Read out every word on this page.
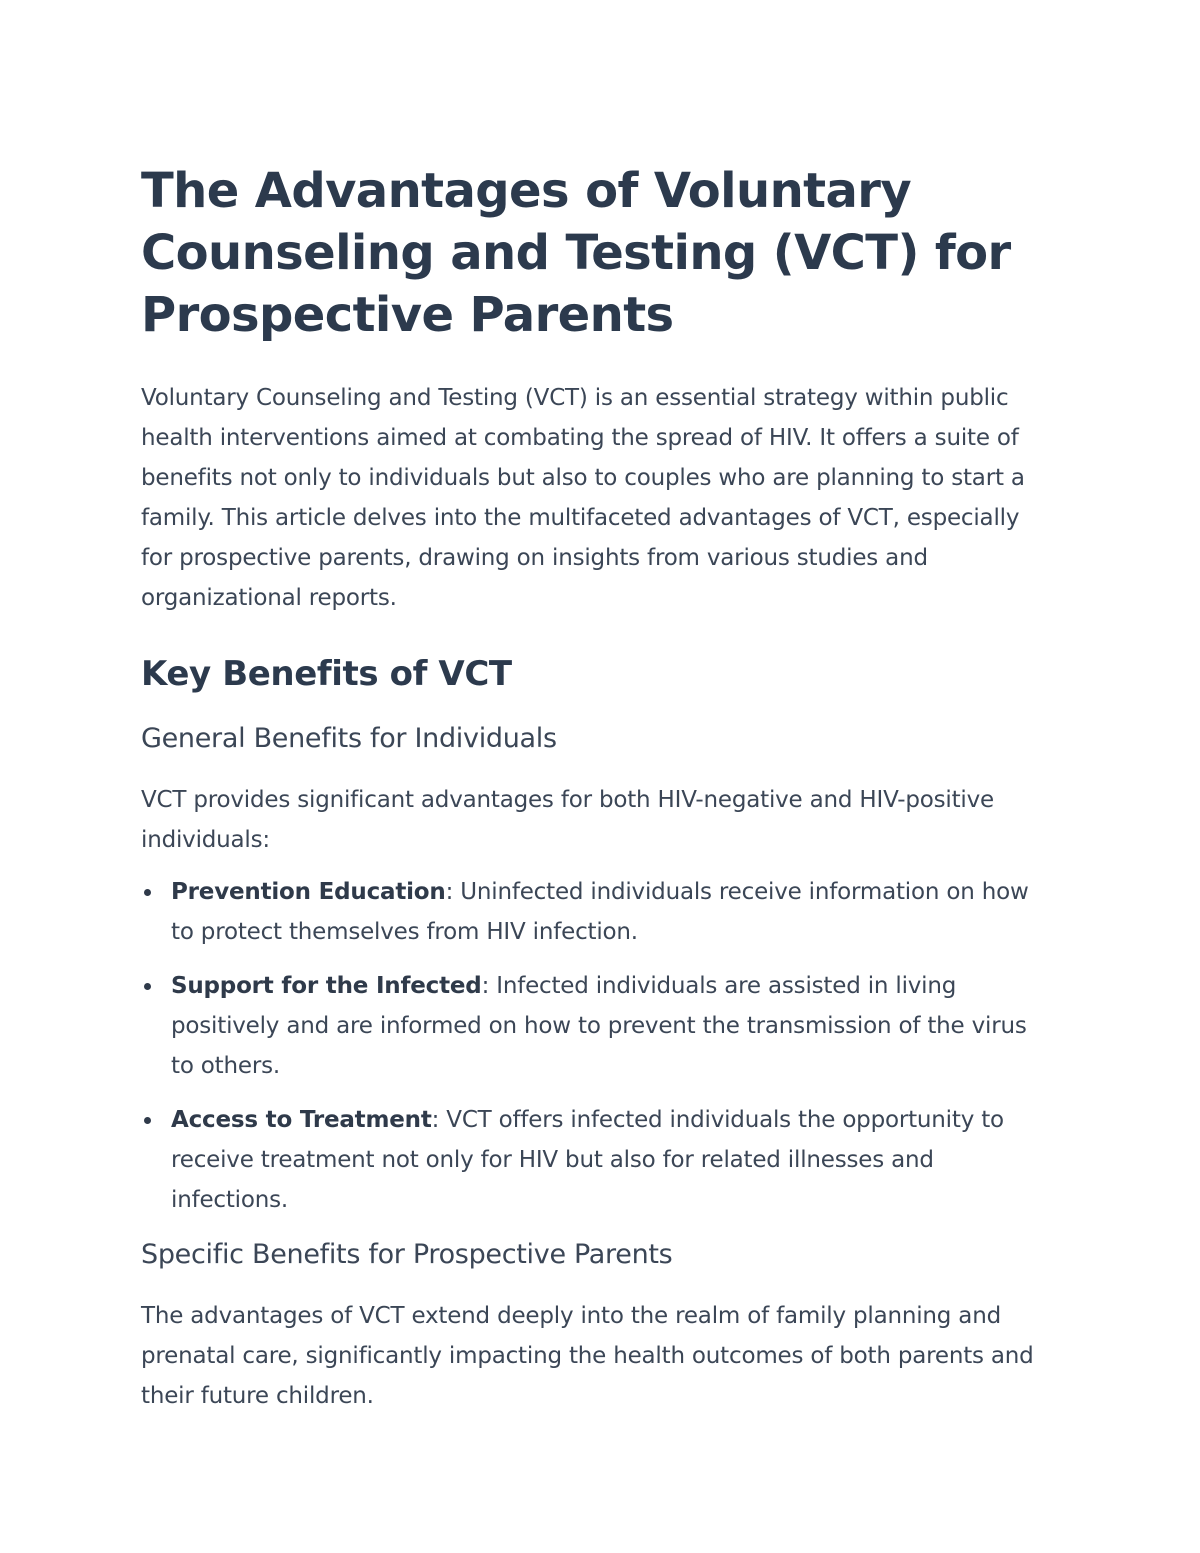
The Advantages of Voluntary Counseling and Testing (VCT) for Prospective Parents

Voluntary Counseling and Testing (VCT) is an essential strategy within public health interventions aimed at combating the spread of HIV. It offers a suite of benefits not only to individuals but also to couples who are planning to start a family. This article delves into the multifaceted advantages of VCT, especially for prospective parents, drawing on insights from various studies and organizational reports.

Key Benefits of VCT
General Benefits for Individuals

VCT provides significant advantages for both HIV-negative and HIV-positive individuals:

Prevention Education: Uninfected individuals receive information on how to protect themselves from HIV infection.
Support for the Infected: Infected individuals are assisted in living positively and are informed on how to prevent the transmission of the virus to others.
Access to Treatment: VCT offers infected individuals the opportunity to receive treatment not only for HIV but also for related illnesses and infections.
Specific Benefits for Prospective Parents

The advantages of VCT extend deeply into the realm of family planning and prenatal care, significantly impacting the health outcomes of both parents and their future children.
